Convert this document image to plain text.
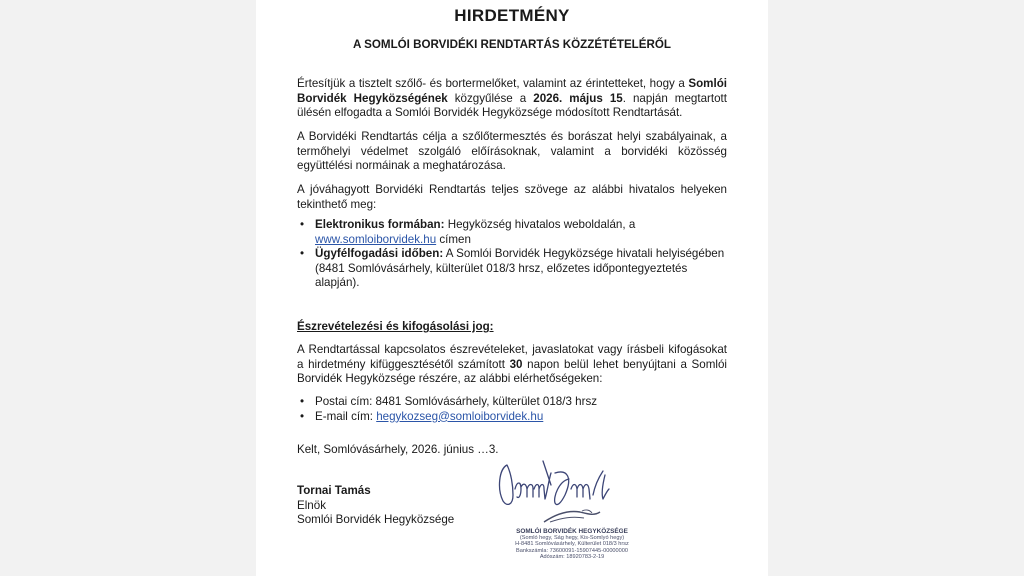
HIRDETMÉNY
A SOMLÓI BORVIDÉKI RENDTARTÁS KÖZZÉTÉTELÉRŐL

Értesítjük a tisztelt szőlő- és bortermelőket, valamint az érintetteket, hogy a Somlói Borvidék Hegyközségének közgyűlése a 2026. május 15. napján megtartott ülésén elfogadta a Somlói Borvidék Hegyközsége módosított Rendtartását.

A Borvidéki Rendtartás célja a szőlőtermesztés és borászat helyi szabályainak, a termőhelyi védelmet szolgáló előírásoknak, valamint a borvidéki közösség együttélési normáinak a meghatározása.

A jóváhagyott Borvidéki Rendtartás teljes szövege az alábbi hivatalos helyeken tekinthető meg:

• Elektronikus formában: Hegyközség hivatalos weboldalán, a
www.somloiborvidek.hu címen
• Ügyfélfogadási időben: A Somlói Borvidék Hegyközsége hivatali helyiségében (8481 Somlóvásárhely, külterület 018/3 hrsz, előzetes időpontegyeztetés alapján).
Észrevételezési és kifogásolási jog:

A Rendtartással kapcsolatos észrevételeket, javaslatokat vagy írásbeli kifogásokat a hirdetmény kifüggesztésétől számított 30 napon belül lehet benyújtani a Somlói Borvidék Hegyközsége részére, az alábbi elérhetőségeken:

• Postai cím: 8481 Somlóvásárhely, külterület 018/3 hrsz
• E-mail cím: hegykozseg@somloiborvidek.hu
Kelt, Somlóvásárhely, 2026. június …3.
Tornai Tamás
Elnök
Somlói Borvidék Hegyközsége
SOMLÓI BORVIDÉK HEGYKÖZSÉGE
(Somló hegy, Ság hegy, Kis-Somlyó hegy)
H-8481 Somlóvásárhely, Külterület 018/3 hrsz
Bankszámla: 73600091-15907445-00000000
Adószám: 18920783-2-19
